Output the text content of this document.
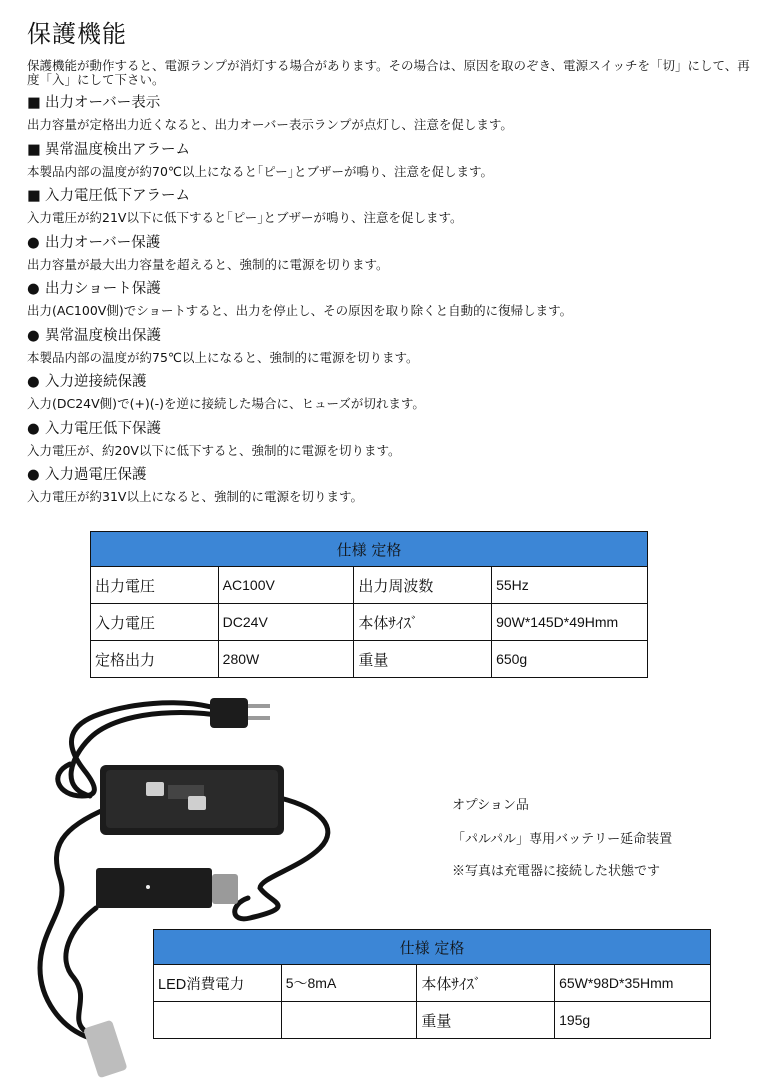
保護機能
保護機能が動作すると、電源ランプが消灯する場合があります。その場合は、原因を取のぞき、電源スイッチを「切」にして、再度「入」にして下さい。
■ 出力オーバー表示
出力容量が定格出力近くなると、出力オーバー表示ランプが点灯し、注意を促します。
■ 異常温度検出アラーム
本製品内部の温度が約70℃以上になると｢ピー｣とブザーが鳴り、注意を促します。
■ 入力電圧低下アラーム
入力電圧が約21V以下に低下すると｢ピー｣とブザーが鳴り、注意を促します。
● 出力オーバー保護
出力容量が最大出力容量を超えると、強制的に電源を切ります。
● 出力ショート保護
出力(AC100V側)でショートすると、出力を停止し、その原因を取り除くと自動的に復帰します。
● 異常温度検出保護
本製品内部の温度が約75℃以上になると、強制的に電源を切ります。
● 入力逆接続保護
入力(DC24V側)で(+)(-)を逆に接続した場合に、ヒューズが切れます。
● 入力電圧低下保護
入力電圧が、約20V以下に低下すると、強制的に電源を切ります。
● 入力過電圧保護
入力電圧が約31V以上になると、強制的に電源を切ります。
仕様 定格			
出力電圧	AC100V	出力周波数	55Hz
入力電圧	DC24V	本体ｻｲｽﾞ	90W*145D*49Hmm
定格出力	280W	重量	650g
オプション品
「パルパル」専用バッテリー延命装置
※写真は充電器に接続した状態です
仕様 定格			
LED消費電力	5～8mA	本体ｻｲｽﾞ	65W*98D*35Hmm
		重量	195g
